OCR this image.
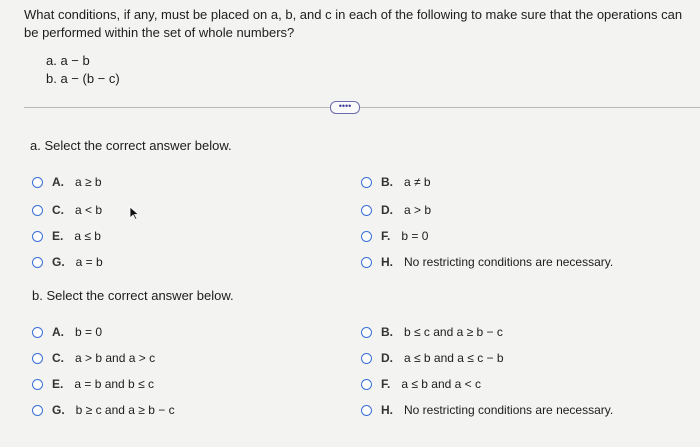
What conditions, if any, must be placed on a, b, and c in each of the following to make sure that the operations can be performed within the set of whole numbers?
a. a − b
b. a − (b − c)
••••
a. Select the correct answer below.
A. a ≥ b	B. a ≠ b
C. a < b	D. a > b
E. a ≤ b	F. b = 0
G. a = b	H. No restricting conditions are necessary.
b. Select the correct answer below.
A. b = 0	B. b ≤ c and a ≥ b − c
C. a > b and a > c	D. a ≤ b and a ≤ c − b
E. a = b and b ≤ c	F. a ≤ b and a < c
G. b ≥ c and a ≥ b − c	H. No restricting conditions are necessary.
